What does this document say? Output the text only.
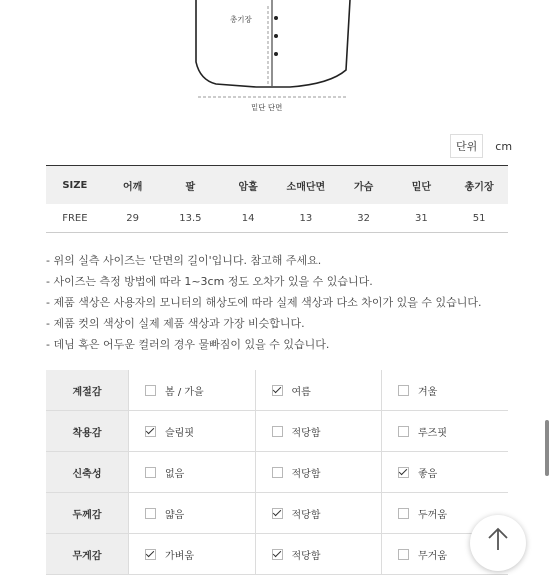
총기장
밑단 단면
단위	cm
SIZE	어깨	팔	암홀	소매단면	가슴	밑단	총기장
FREE	29	13.5	14	13	32	31	51
- 위의 실측 사이즈는 '단면의 길이'입니다. 참고해 주세요.
- 사이즈는 측정 방법에 따라 1~3cm 정도 오차가 있을 수 있습니다.
- 제품 색상은 사용자의 모니터의 해상도에 따라 실제 색상과 다소 차이가 있을 수 있습니다.
- 제품 컷의 색상이 실제 제품 색상과 가장 비슷합니다.
- 데님 혹은 어두운 컬러의 경우 물빠짐이 있을 수 있습니다.
계절감	봄 / 가을	여름	겨울
착용감	슬림핏	적당함	루즈핏
신축성	없음	적당함	좋음
두께감	얇음	적당함	두꺼움
무게감	가벼움	적당함	무거움
